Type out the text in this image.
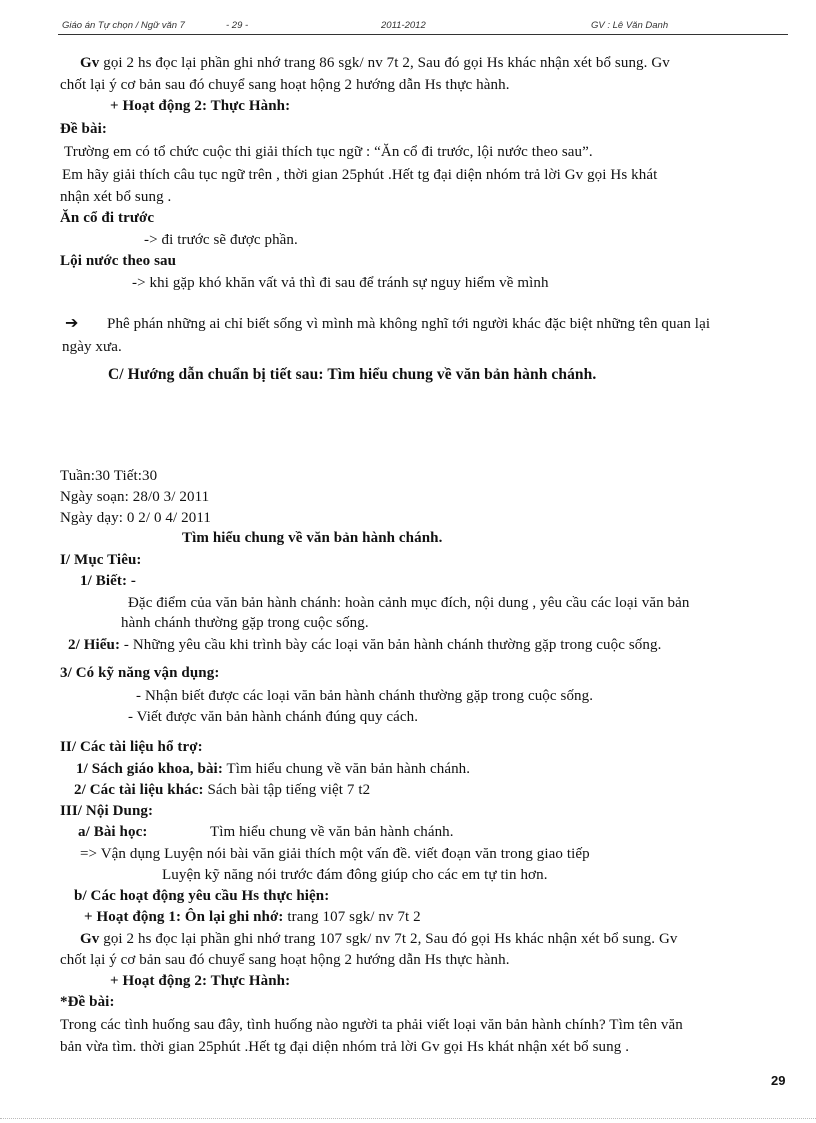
Giáo án Tự chọn / Ngữ văn 7	- 29 -	2011-2012	GV : Lê Văn Danh
Gv gọi 2 hs đọc lại phần ghi nhớ trang 86 sgk/ nv 7t 2, Sau đó gọi Hs khác nhận xét bổ sung. Gv
chốt lại ý cơ bản sau đó chuyể sang hoạt hộng 2 hướng dẫn Hs thực hành.
+ Hoạt động 2: Thực Hành:
Đề bài:
Trường em có tổ chức cuộc thi giải thích tục ngữ : “Ăn cổ đi trước, lội nước theo sau”.
Em hãy giải thích câu tục ngữ trên , thời gian 25phút .Hết tg đại diện nhóm trả lời Gv gọi Hs khát
nhận xét bổ sung .
Ăn cổ đi trước
-> đi trước sẽ được phần.
Lội nước theo sau
-> khi gặp khó khăn vất vả thì đi sau để tránh sự nguy hiểm về mình
➔ Phê phán những ai chỉ biết sống vì mình mà không nghĩ tới người khác đặc biệt những tên quan lại
ngày xưa.
C/ Hướng dẫn chuẩn bị tiết sau: Tìm hiểu chung về văn bản hành chánh.
Tuần:30 Tiết:30
Ngày soạn: 28/0 3/ 2011
Ngày dạy: 0 2/ 0 4/ 2011
Tìm hiểu chung về văn bản hành chánh.
I/ Mục Tiêu:
1/ Biết: -
Đặc điểm của văn bản hành chánh: hoàn cảnh mục đích, nội dung , yêu cầu các loại văn bản
hành chánh thường gặp trong cuộc sống.
2/ Hiểu: - Những yêu cầu khi trình bày các loại văn bản hành chánh thường gặp trong cuộc sống.
3/ Có kỹ năng vận dụng:
- Nhận biết được các loại văn bản hành chánh thường gặp trong cuộc sống.
- Viết được văn bản hành chánh đúng quy cách.
II/ Các tài liệu hổ trợ:
1/ Sách giáo khoa, bài: Tìm hiểu chung về văn bản hành chánh.
2/ Các tài liệu khác: Sách bài tập tiếng việt 7 t2
III/ Nội Dung:
a/ Bài học:	Tìm hiểu chung về văn bản hành chánh.
=> Vận dụng Luyện nói bài văn giải thích một vấn đề. viết đoạn văn trong giao tiếp
Luyện kỹ năng nói trước đám đông giúp cho các em tự tin hơn.
b/ Các hoạt động yêu cầu Hs thực hiện:
+ Hoạt động 1: Ôn lại ghi nhớ: trang 107 sgk/ nv 7t 2
Gv gọi 2 hs đọc lại phần ghi nhớ trang 107 sgk/ nv 7t 2, Sau đó gọi Hs khác nhận xét bổ sung. Gv
chốt lại ý cơ bản sau đó chuyể sang hoạt hộng 2 hướng dẫn Hs thực hành.
+ Hoạt động 2: Thực Hành:
*Đề bài:
Trong các tình huống sau đây, tình huống nào người ta phải viết loại văn bản hành chính? Tìm tên văn
bản vừa tìm. thời gian 25phút .Hết tg đại diện nhóm trả lời Gv gọi Hs khát nhận xét bổ sung .
29
